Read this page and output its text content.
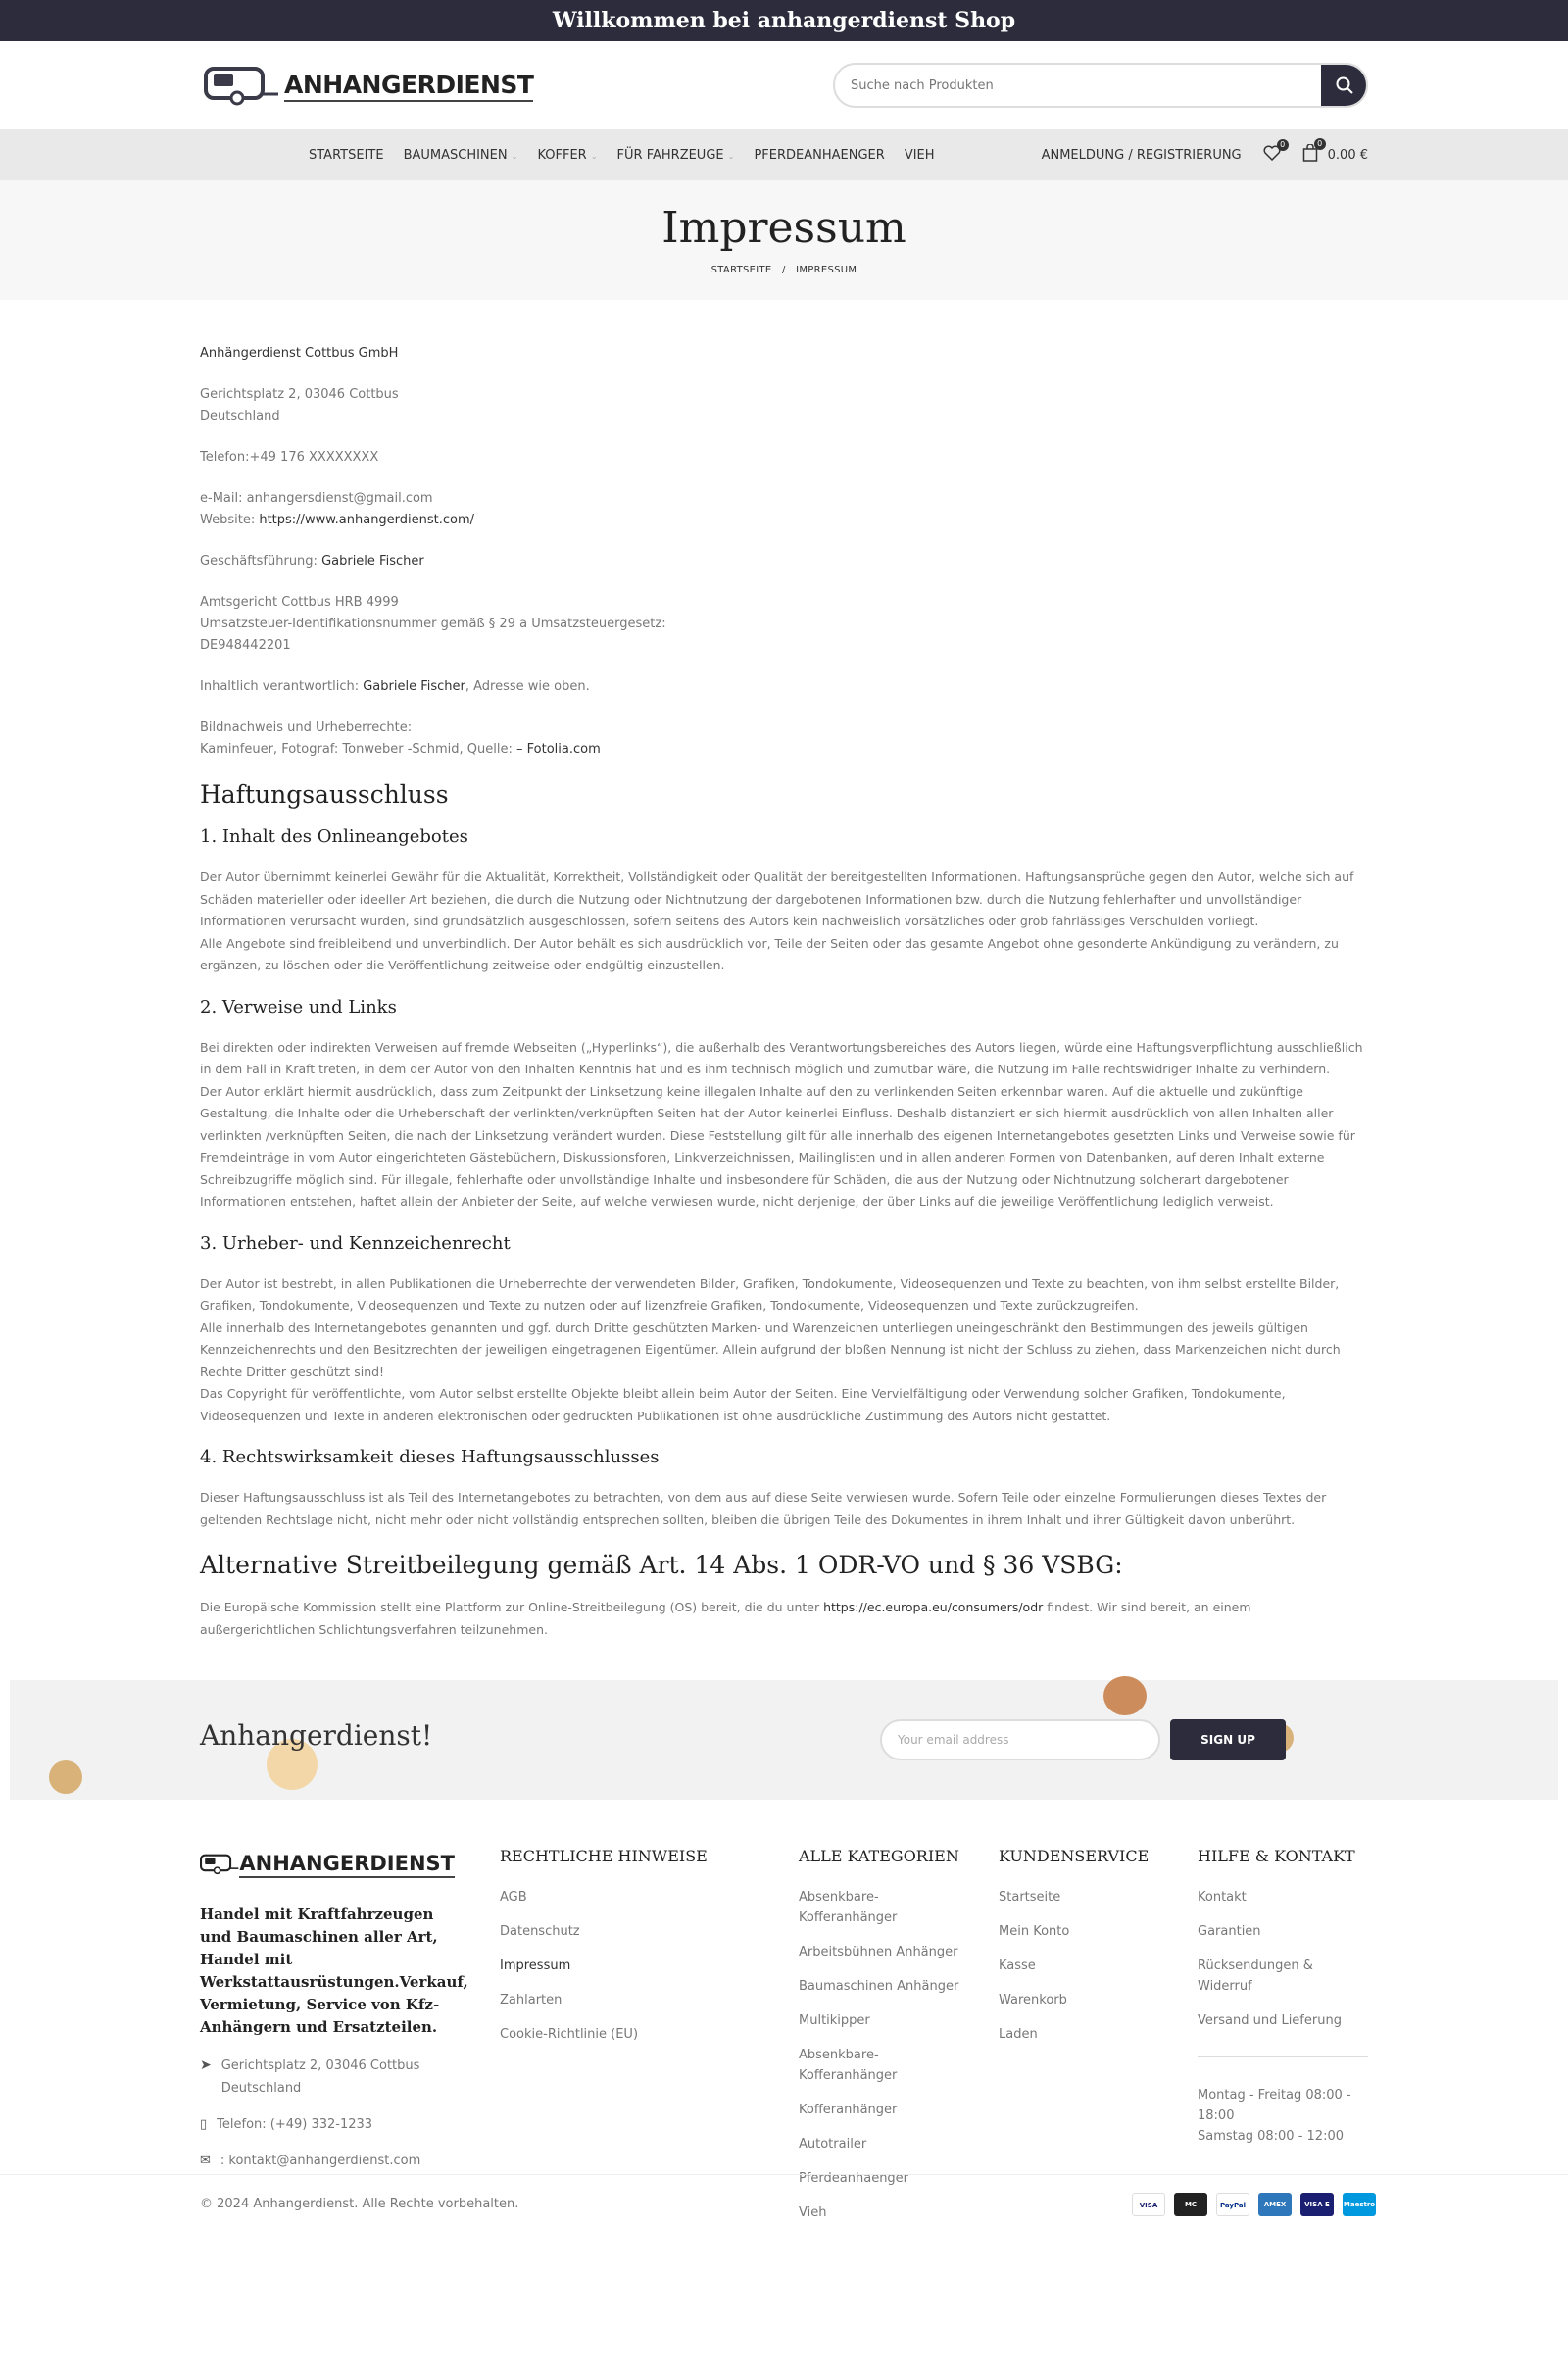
Willkommen bei anhangerdienst Shop
ANHANGERDIENST
Suche nach Produkten
STARTSEITE BAUMASCHINEN ⌄ KOFFER ⌄ FÜR FAHRZEUGE ⌄ PFERDEANHAENGER VIEH	ANMELDUNG / REGISTRIERUNG
0	0
0.00 €
Impressum
STARTSEITE / IMPRESSUM

Anhängerdienst Cottbus GmbH

Gerichtsplatz 2, 03046 Cottbus
Deutschland

Telefon:+49 176 XXXXXXXX

e-Mail: anhangersdienst@gmail.com
Website: https://www.anhangerdienst.com/

Geschäftsführung: Gabriele Fischer

Amtsgericht Cottbus HRB 4999
Umsatzsteuer-Identifikationsnummer gemäß § 29 a Umsatzsteuergesetz:
DE948442201

Inhaltlich verantwortlich: Gabriele Fischer, Adresse wie oben.

Bildnachweis und Urheberrechte:
Kaminfeuer, Fotograf: Tonweber -Schmid, Quelle: – Fotolia.com

Haftungsausschluss
1. Inhalt des Onlineangebotes

Der Autor übernimmt keinerlei Gewähr für die Aktualität, Korrektheit, Vollständigkeit oder Qualität der bereitgestellten Informationen. Haftungsansprüche gegen den Autor, welche sich auf Schäden materieller oder ideeller Art beziehen, die durch die Nutzung oder Nichtnutzung der dargebotenen Informationen bzw. durch die Nutzung fehlerhafter und unvollständiger Informationen verursacht wurden, sind grundsätzlich ausgeschlossen, sofern seitens des Autors kein nachweislich vorsätzliches oder grob fahrlässiges Verschulden vorliegt.
Alle Angebote sind freibleibend und unverbindlich. Der Autor behält es sich ausdrücklich vor, Teile der Seiten oder das gesamte Angebot ohne gesonderte Ankündigung zu verändern, zu ergänzen, zu löschen oder die Veröffentlichung zeitweise oder endgültig einzustellen.

2. Verweise und Links

Bei direkten oder indirekten Verweisen auf fremde Webseiten („Hyperlinks“), die außerhalb des Verantwortungsbereiches des Autors liegen, würde eine Haftungsverpflichtung ausschließlich in dem Fall in Kraft treten, in dem der Autor von den Inhalten Kenntnis hat und es ihm technisch möglich und zumutbar wäre, die Nutzung im Falle rechtswidriger Inhalte zu verhindern.
Der Autor erklärt hiermit ausdrücklich, dass zum Zeitpunkt der Linksetzung keine illegalen Inhalte auf den zu verlinkenden Seiten erkennbar waren. Auf die aktuelle und zukünftige Gestaltung, die Inhalte oder die Urheberschaft der verlinkten/verknüpften Seiten hat der Autor keinerlei Einfluss. Deshalb distanziert er sich hiermit ausdrücklich von allen Inhalten aller verlinkten /verknüpften Seiten, die nach der Linksetzung verändert wurden. Diese Feststellung gilt für alle innerhalb des eigenen Internetangebotes gesetzten Links und Verweise sowie für Fremdeinträge in vom Autor eingerichteten Gästebüchern, Diskussionsforen, Linkverzeichnissen, Mailinglisten und in allen anderen Formen von Datenbanken, auf deren Inhalt externe Schreibzugriffe möglich sind. Für illegale, fehlerhafte oder unvollständige Inhalte und insbesondere für Schäden, die aus der Nutzung oder Nichtnutzung solcherart dargebotener Informationen entstehen, haftet allein der Anbieter der Seite, auf welche verwiesen wurde, nicht derjenige, der über Links auf die jeweilige Veröffentlichung lediglich verweist.

3. Urheber- und Kennzeichenrecht

Der Autor ist bestrebt, in allen Publikationen die Urheberrechte der verwendeten Bilder, Grafiken, Tondokumente, Videosequenzen und Texte zu beachten, von ihm selbst erstellte Bilder, Grafiken, Tondokumente, Videosequenzen und Texte zu nutzen oder auf lizenzfreie Grafiken, Tondokumente, Videosequenzen und Texte zurückzugreifen.
Alle innerhalb des Internetangebotes genannten und ggf. durch Dritte geschützten Marken- und Warenzeichen unterliegen uneingeschränkt den Bestimmungen des jeweils gültigen Kennzeichenrechts und den Besitzrechten der jeweiligen eingetragenen Eigentümer. Allein aufgrund der bloßen Nennung ist nicht der Schluss zu ziehen, dass Markenzeichen nicht durch Rechte Dritter geschützt sind!
Das Copyright für veröffentlichte, vom Autor selbst erstellte Objekte bleibt allein beim Autor der Seiten. Eine Vervielfältigung oder Verwendung solcher Grafiken, Tondokumente, Videosequenzen und Texte in anderen elektronischen oder gedruckten Publikationen ist ohne ausdrückliche Zustimmung des Autors nicht gestattet.

4. Rechtswirksamkeit dieses Haftungsausschlusses

Dieser Haftungsausschluss ist als Teil des Internetangebotes zu betrachten, von dem aus auf diese Seite verwiesen wurde. Sofern Teile oder einzelne Formulierungen dieses Textes der geltenden Rechtslage nicht, nicht mehr oder nicht vollständig entsprechen sollten, bleiben die übrigen Teile des Dokumentes in ihrem Inhalt und ihrer Gültigkeit davon unberührt.

Alternative Streitbeilegung gemäß Art. 14 Abs. 1 ODR-VO und § 36 VSBG:

Die Europäische Kommission stellt eine Plattform zur Online-Streitbeilegung (OS) bereit, die du unter https://ec.europa.eu/consumers/odr findest. Wir sind bereit, an einem außergerichtlichen Schlichtungsverfahren teilzunehmen.

Anhangerdienst!	Your email address	SIGN UP
ANHANGERDIENST
Handel mit Kraftfahrzeugen und Baumaschinen aller Art, Handel mit Werkstattausrüstungen.Verkauf, Vermietung, Service von Kfz-Anhängern und Ersatzteilen.
➤ Gerichtsplatz 2, 03046 Cottbus Deutschland
▯ Telefon: (+49) 332-1233
✉ : kontakt@anhangerdienst.com
RECHTLICHE HINWEISE
AGB
Datenschutz
Impressum
Zahlarten
Cookie-Richtlinie (EU)
ALLE KATEGORIEN
Absenkbare-Kofferanhänger
Arbeitsbühnen Anhänger
Baumaschinen Anhänger
Multikipper
Absenkbare-Kofferanhänger
Kofferanhänger
Autotrailer
Pferdeanhaenger
Vieh
KUNDENSERVICE
Startseite
Mein Konto
Kasse
Warenkorb
Laden
HILFE & KONTAKT
Kontakt
Garantien
Rücksendungen & Widerruf
Versand und Lieferung
Montag - Freitag 08:00 - 18:00
Samstag 08:00 - 12:00
© 2024 Anhangerdienst. Alle Rechte vorbehalten.	VISA	MC	PayPal	AMEX	VISA E	Maestro
